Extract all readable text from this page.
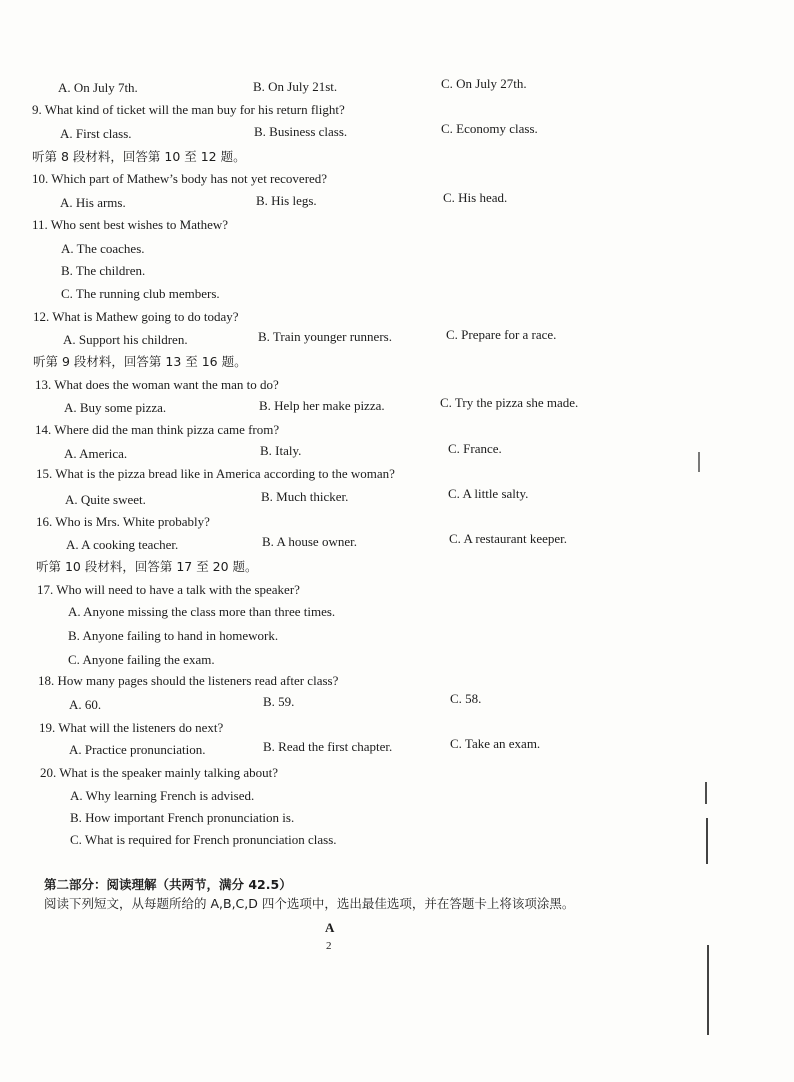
A. On July 7th.	B. On July 21st.	C. On July 27th.
9. What kind of ticket will the man buy for his return flight?
A. First class.	B. Business class.	C. Economy class.
听第 8 段材料，回答第 10 至 12 题。
10. Which part of Mathew’s body has not yet recovered?
A. His arms.	B. His legs.	C. His head.
11. Who sent best wishes to Mathew?
A. The coaches.
B. The children.
C. The running club members.
12. What is Mathew going to do today?
A. Support his children.	B. Train younger runners.	C. Prepare for a race.
听第 9 段材料，回答第 13 至 16 题。
13. What does the woman want the man to do?
A. Buy some pizza.	B. Help her make pizza.	C. Try the pizza she made.
14. Where did the man think pizza came from?
A. America.	B. Italy.	C. France.
15. What is the pizza bread like in America according to the woman?
A. Quite sweet.	B. Much thicker.	C. A little salty.
16. Who is Mrs. White probably?
A. A cooking teacher.	B. A house owner.	C. A restaurant keeper.
听第 10 段材料，回答第 17 至 20 题。
17. Who will need to have a talk with the speaker?
A. Anyone missing the class more than three times.
B. Anyone failing to hand in homework.
C. Anyone failing the exam.
18. How many pages should the listeners read after class?
A. 60.	B. 59.	C. 58.
19. What will the listeners do next?
A. Practice pronunciation.	B. Read the first chapter.	C. Take an exam.
20. What is the speaker mainly talking about?
A. Why learning French is advised.
B. How important French pronunciation is.
C. What is required for French pronunciation class.
第二部分：阅读理解（共两节，满分 42.5）
阅读下列短文，从每题所给的 A,B,C,D 四个选项中，选出最佳选项，并在答题卡上将该项涂黑。
A
2
